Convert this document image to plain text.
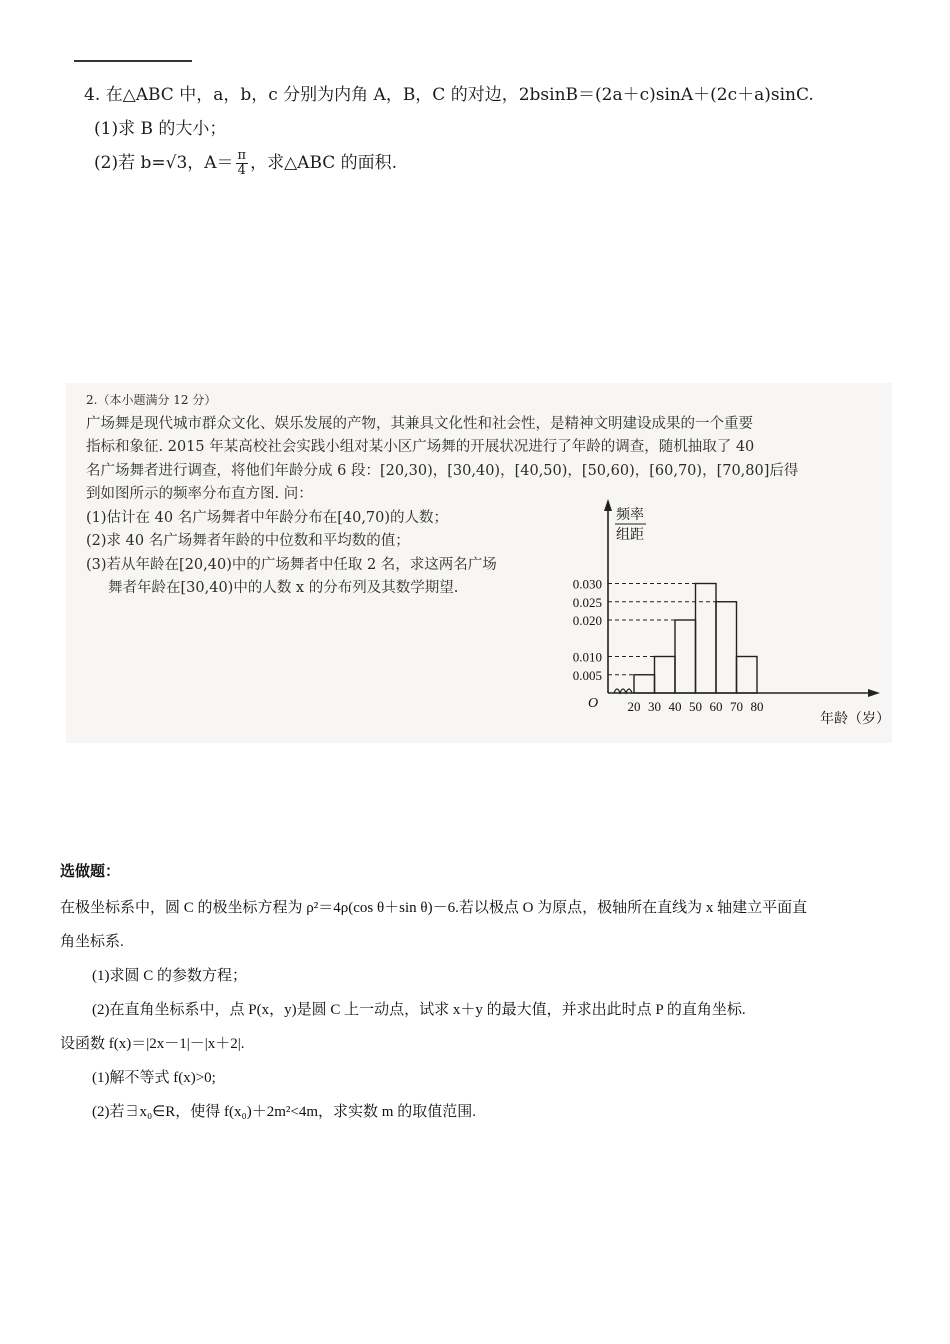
4. 在△ABC 中，a，b，c 分别为内角 A，B，C 的对边，2bsinB＝(2a＋c)sinA＋(2c＋a)sinC.
(1)求 B 的大小；
(2)若 b=√3，$A= \frac{\pi}{4}$ ，求△ABC 的面积.
2.（本小题满分 12 分）
广场舞是现代城市群众文化、娱乐发展的产物，其兼具文化性和社会性，是精神文明建设成果的一个重要
指标和象征. 2015 年某高校社会实践小组对某小区广场舞的开展状况进行了年龄的调查，随机抽取了 40
名广场舞者进行调查，将他们年龄分成 6 段：[20,30)，[30,40)，[40,50)，[50,60)，[60,70)，[70,80]后得
到如图所示的频率分布直方图. 问：
(1)估计在 40 名广场舞者中年龄分布在[40,70)的人数；
(2)求 40 名广场舞者年龄的中位数和平均数的值；
(3)若从年龄在[20,40)中的广场舞者中任取 2 名，求这两名广场
舞者年龄在[30,40)中的人数 x 的分布列及其数学期望.	0.030
0.025
0.020
0.010
0.005
20 30 40 50 60 70 80
O
频率
组距
年龄（岁）
选做题：
在极坐标系中，圆 C 的极坐标方程为 ρ²＝4ρ(cos θ＋sin θ)－6.若以极点 O 为原点，极轴所在直线为 x 轴建立平面直
角坐标系.
(1)求圆 C 的参数方程；
(2)在直角坐标系中，点 P(x，y)是圆 C 上一动点，试求 x＋y 的最大值，并求出此时点 P 的直角坐标.
设函数 f(x)＝|2x－1|－|x＋2|.
(1)解不等式 f(x)>0;
(2)若∃x₀∈R，使得 f(x₀)＋2m²<4m，求实数 m 的取值范围.
